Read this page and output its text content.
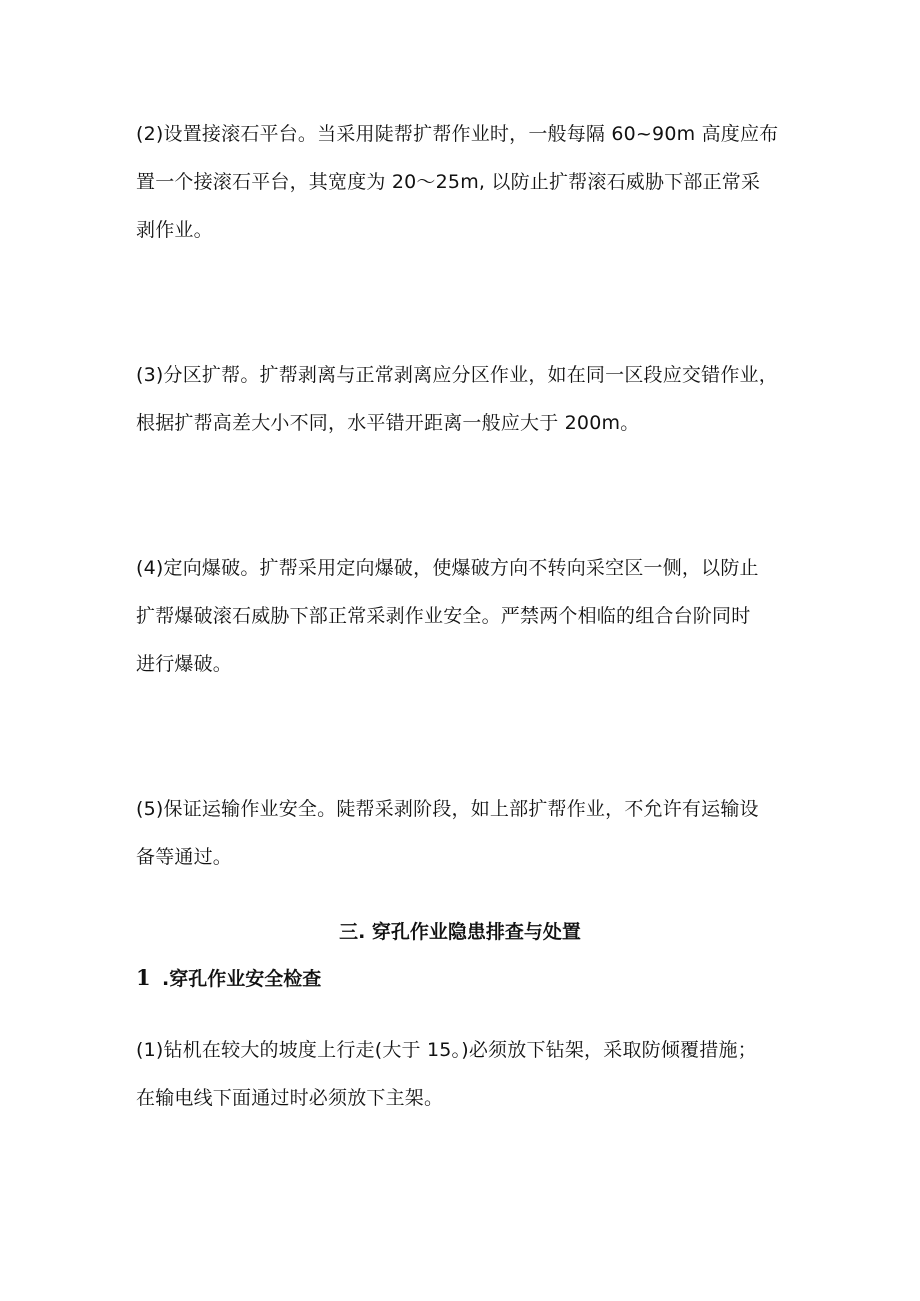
(2)设置接滚石平台。当采用陡帮扩帮作业时，一般每隔 60~90m 高度应布
置一个接滚石平台，其宽度为 20～25m, 以防止扩帮滚石威胁下部正常采
剥作业。
(3)分区扩帮。扩帮剥离与正常剥离应分区作业，如在同一区段应交错作业，
根据扩帮高差大小不同，水平错开距离一般应大于 200m。
(4)定向爆破。扩帮采用定向爆破，使爆破方向不转向采空区一侧，以防止
扩帮爆破滚石威胁下部正常采剥作业安全。严禁两个相临的组合台阶同时
进行爆破。
(5)保证运输作业安全。陡帮采剥阶段，如上部扩帮作业，不允许有运输设
备等通过。
三. 穿孔作业隐患排查与处置
1 .穿孔作业安全检查
(1)钻机在较大的坡度上行走(大于 15。)必须放下钻架，采取防倾覆措施；
在输电线下面通过时必须放下主架。
